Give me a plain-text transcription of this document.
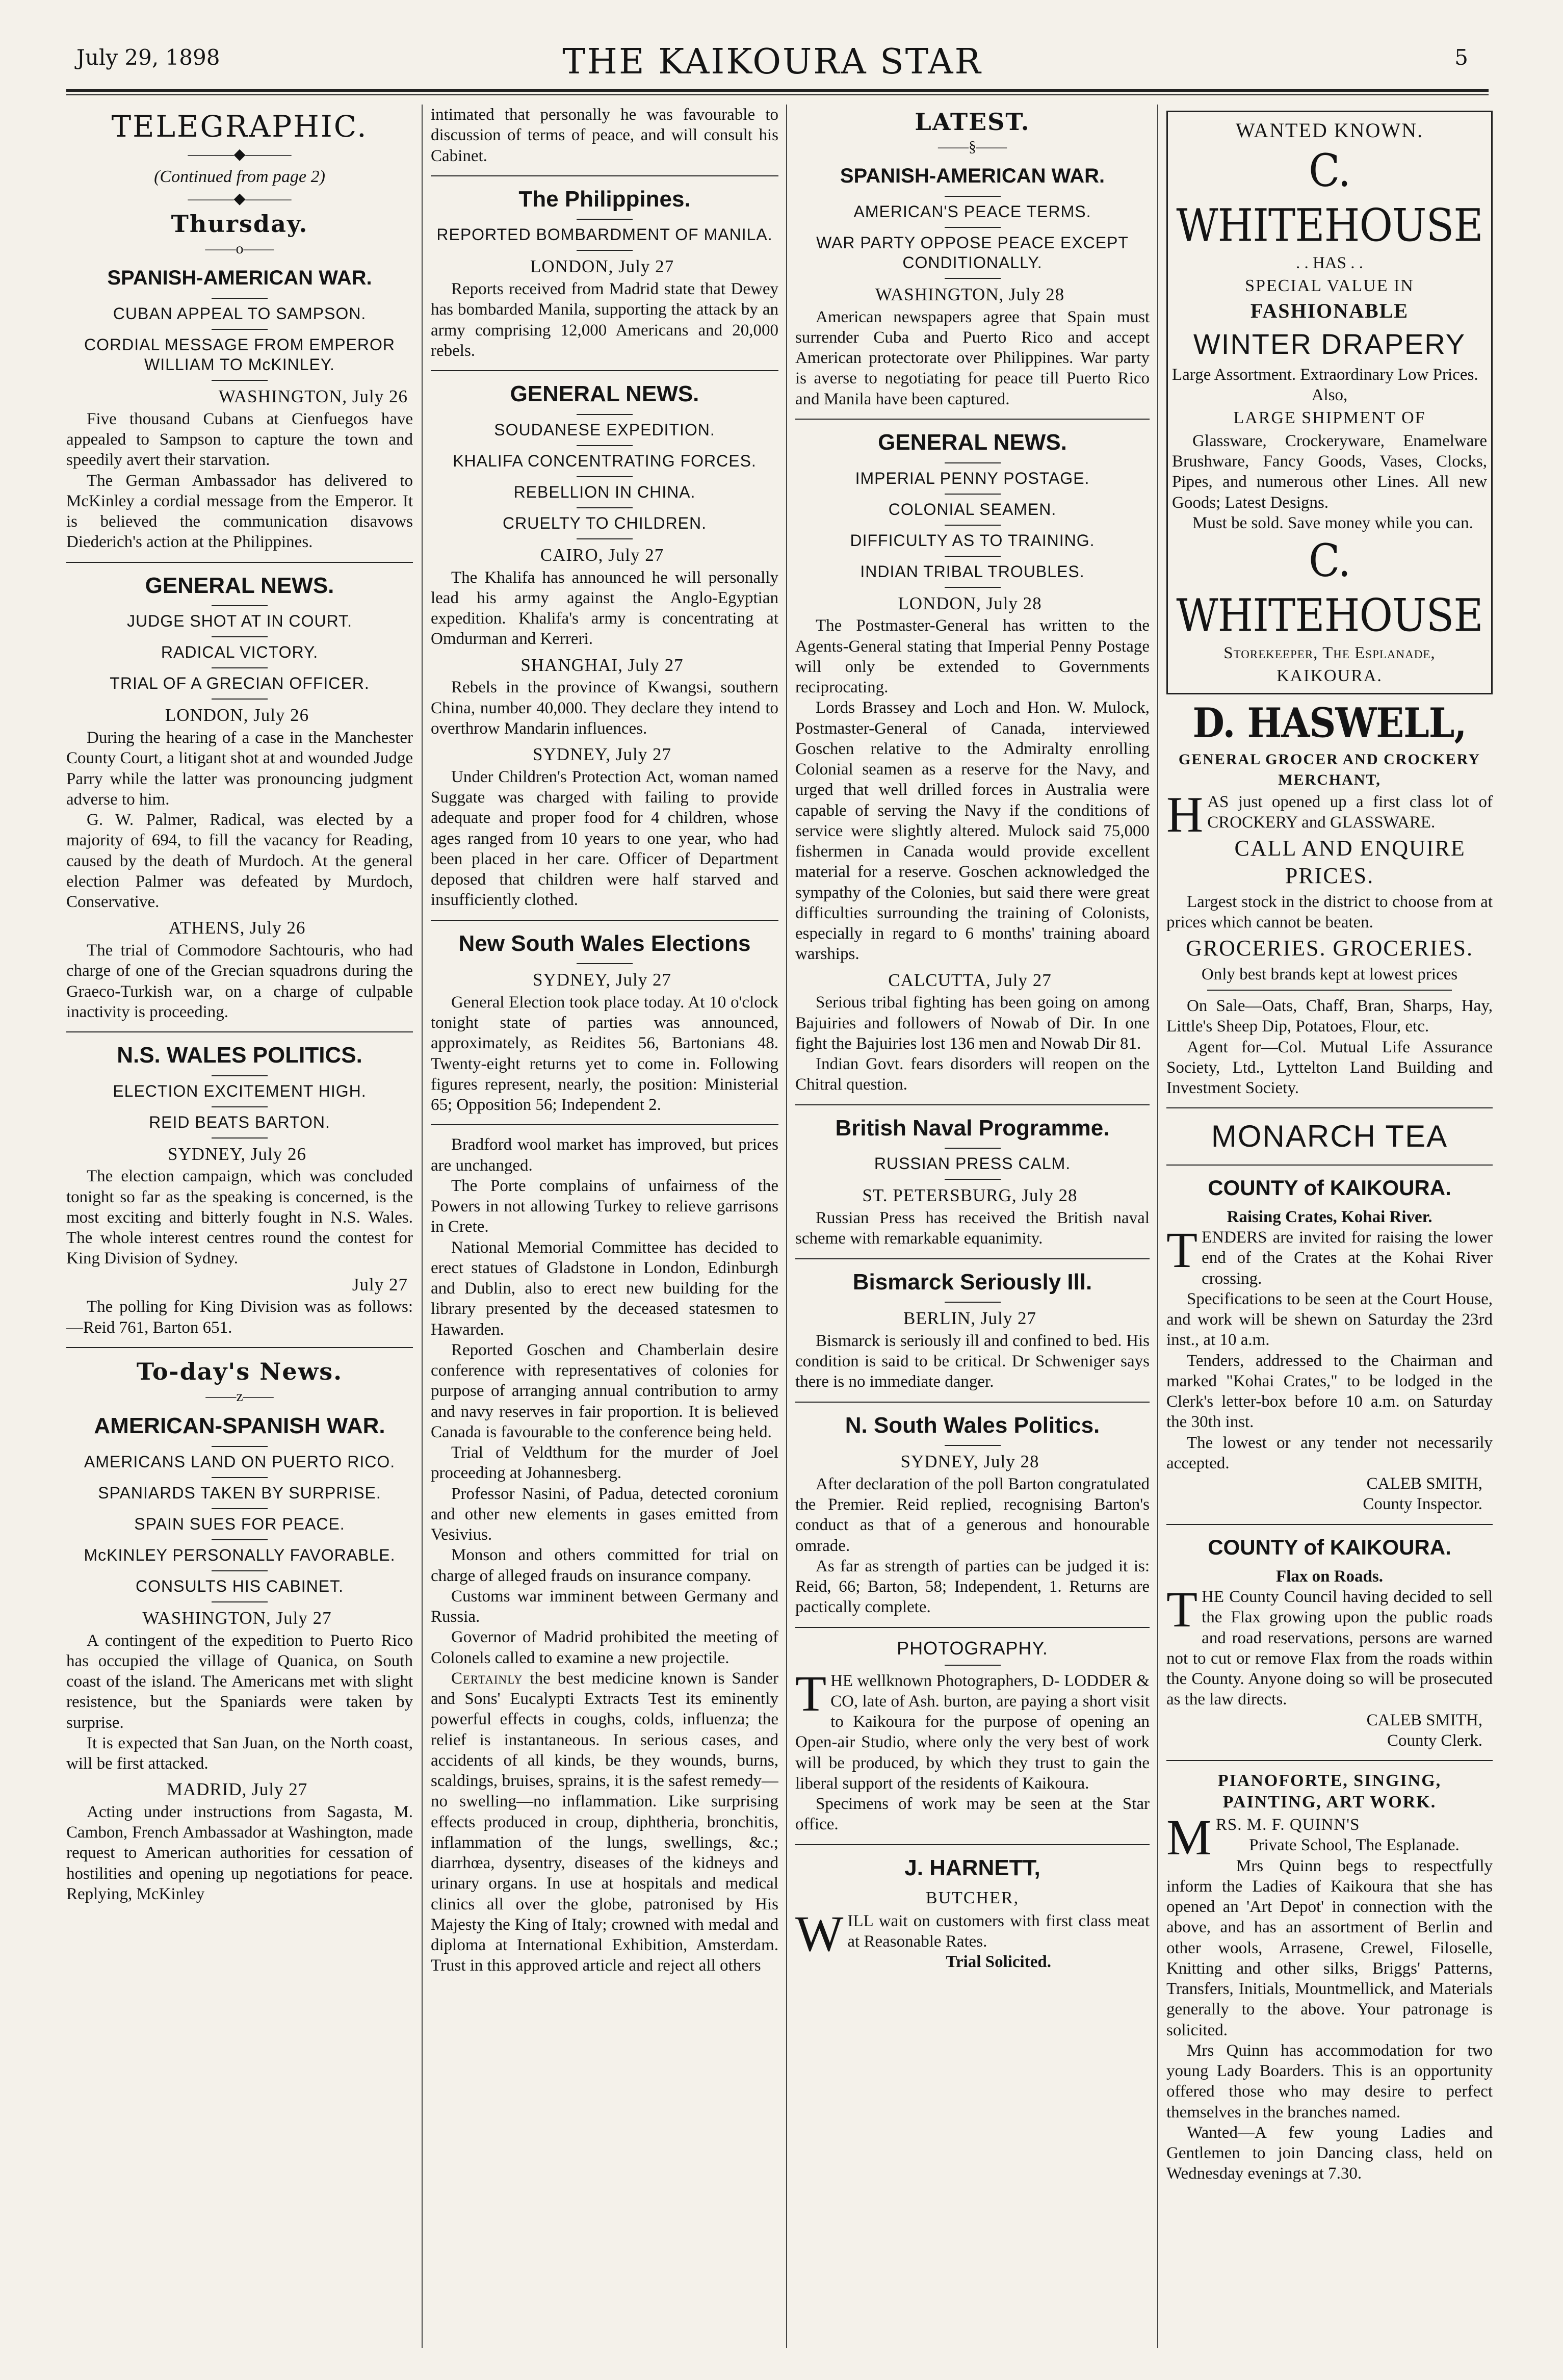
July 29, 1898	THE KAIKOURA STAR	5
TELEGRAPHIC.
———◆———
(Continued from page 2)
———◆———
Thursday.
——o——
SPANISH-AMERICAN WAR.
CUBAN APPEAL TO SAMPSON.
CORDIAL MESSAGE FROM EMPEROR WILLIAM TO McKINLEY.
WASHINGTON, July 26

Five thousand Cubans at Cienfuegos have appealed to Sampson to capture the town and speedily avert their starvation.

The German Ambassador has delivered to McKinley a cordial message from the Emperor. It is believed the communication disavows Diederich's action at the Philippines.

GENERAL NEWS.
JUDGE SHOT AT IN COURT.
RADICAL VICTORY.
TRIAL OF A GRECIAN OFFICER.
LONDON, July 26

During the hearing of a case in the Manchester County Court, a litigant shot at and wounded Judge Parry while the latter was pronouncing judgment adverse to him.

G. W. Palmer, Radical, was elected by a majority of 694, to fill the vacancy for Reading, caused by the death of Murdoch. At the general election Palmer was defeated by Murdoch, Conservative.

ATHENS, July 26

The trial of Commodore Sachtouris, who had charge of one of the Grecian squadrons during the Graeco-Turkish war, on a charge of culpable inactivity is proceeding.

N.S. WALES POLITICS.
ELECTION EXCITEMENT HIGH.
REID BEATS BARTON.
SYDNEY, July 26

The election campaign, which was concluded tonight so far as the speaking is concerned, is the most exciting and bitterly fought in N.S. Wales. The whole interest centres round the contest for King Division of Sydney.

July 27

The polling for King Division was as follows:—Reid 761, Barton 651.

To-day's News.
——z——
AMERICAN-SPANISH WAR.
AMERICANS LAND ON PUERTO RICO.
SPANIARDS TAKEN BY SURPRISE.
SPAIN SUES FOR PEACE.
McKINLEY PERSONALLY FAVORABLE.
CONSULTS HIS CABINET.
WASHINGTON, July 27

A contingent of the expedition to Puerto Rico has occupied the village of Quanica, on South coast of the island. The Americans met with slight resistence, but the Spaniards were taken by surprise.

It is expected that San Juan, on the North coast, will be first attacked.

MADRID, July 27

Acting under instructions from Sagasta, M. Cambon, French Ambassador at Washington, made request to American authorities for cessation of hostilities and opening up negotiations for peace. Replying, McKinley

intimated that personally he was favourable to discussion of terms of peace, and will consult his Cabinet.

The Philippines.
REPORTED BOMBARDMENT OF MANILA.
LONDON, July 27

Reports received from Madrid state that Dewey has bombarded Manila, supporting the attack by an army comprising 12,000 Americans and 20,000 rebels.

GENERAL NEWS.
SOUDANESE EXPEDITION.
KHALIFA CONCENTRATING FORCES.
REBELLION IN CHINA.
CRUELTY TO CHILDREN.
CAIRO, July 27

The Khalifa has announced he will personally lead his army against the Anglo-Egyptian expedition. Khalifa's army is concentrating at Omdurman and Kerreri.

SHANGHAI, July 27

Rebels in the province of Kwangsi, southern China, number 40,000. They declare they intend to overthrow Mandarin influences.

SYDNEY, July 27

Under Children's Protection Act, woman named Suggate was charged with failing to provide adequate and proper food for 4 children, whose ages ranged from 10 years to one year, who had been placed in her care. Officer of Department deposed that children were half starved and insufficiently clothed.

New South Wales Elections
SYDNEY, July 27

General Election took place today. At 10 o'clock tonight state of parties was announced, approximately, as Reidites 56, Bartonians 48. Twenty-eight returns yet to come in. Following figures represent, nearly, the position: Ministerial 65; Opposition 56; Independent 2.

Bradford wool market has improved, but prices are unchanged.

The Porte complains of unfairness of the Powers in not allowing Turkey to relieve garrisons in Crete.

National Memorial Committee has decided to erect statues of Gladstone in London, Edinburgh and Dublin, also to erect new building for the library presented by the deceased statesmen to Hawarden.

Reported Goschen and Chamberlain desire conference with representatives of colonies for purpose of arranging annual contribution to army and navy reserves in fair proportion. It is believed Canada is favourable to the conference being held.

Trial of Veldthum for the murder of Joel proceeding at Johannesberg.

Professor Nasini, of Padua, detected coronium and other new elements in gases emitted from Vesivius.

Monson and others committed for trial on charge of alleged frauds on insurance company.

Customs war imminent between Germany and Russia.

Governor of Madrid prohibited the meeting of Colonels called to examine a new projectile.

Certainly the best medicine known is Sander and Sons' Eucalypti Extracts Test its eminently powerful effects in coughs, colds, influenza; the relief is instantaneous. In serious cases, and accidents of all kinds, be they wounds, burns, scaldings, bruises, sprains, it is the safest remedy—no swelling—no inflammation. Like surprising effects produced in croup, diphtheria, bronchitis, inflammation of the lungs, swellings, &c.; diarrhœa, dysentry, diseases of the kidneys and urinary organs. In use at hospitals and medical clinics all over the globe, patronised by His Majesty the King of Italy; crowned with medal and diploma at International Exhibition, Amsterdam. Trust in this approved article and reject all others

LATEST.
——§——
SPANISH-AMERICAN WAR.
AMERICAN'S PEACE TERMS.
WAR PARTY OPPOSE PEACE EXCEPT CONDITIONALLY.
WASHINGTON, July 28

American newspapers agree that Spain must surrender Cuba and Puerto Rico and accept American protectorate over Philippines. War party is averse to negotiating for peace till Puerto Rico and Manila have been captured.

GENERAL NEWS.
IMPERIAL PENNY POSTAGE.
COLONIAL SEAMEN.
DIFFICULTY AS TO TRAINING.
INDIAN TRIBAL TROUBLES.
LONDON, July 28

The Postmaster-General has written to the Agents-General stating that Imperial Penny Postage will only be extended to Governments reciprocating.

Lords Brassey and Loch and Hon. W. Mulock, Postmaster-General of Canada, interviewed Goschen relative to the Admiralty enrolling Colonial seamen as a reserve for the Navy, and urged that well drilled forces in Australia were capable of serving the Navy if the conditions of service were slightly altered. Mulock said 75,000 fishermen in Canada would provide excellent material for a reserve. Goschen acknowledged the sympathy of the Colonies, but said there were great difficulties surrounding the training of Colonists, especially in regard to 6 months' training aboard warships.

CALCUTTA, July 27

Serious tribal fighting has been going on among Bajuiries and followers of Nowab of Dir. In one fight the Bajuiries lost 136 men and Nowab Dir 81.

Indian Govt. fears disorders will reopen on the Chitral question.

British Naval Programme.
RUSSIAN PRESS CALM.
ST. PETERSBURG, July 28

Russian Press has received the British naval scheme with remarkable equanimity.

Bismarck Seriously Ill.
BERLIN, July 27

Bismarck is seriously ill and confined to bed. His condition is said to be critical. Dr Schweniger says there is no immediate danger.

N. South Wales Politics.
SYDNEY, July 28

After declaration of the poll Barton congratulated the Premier. Reid replied, recognising Barton's conduct as that of a generous and honourable omrade.

As far as strength of parties can be judged it is: Reid, 66; Barton, 58; Independent, 1. Returns are pactically complete.

PHOTOGRAPHY.

THE wellknown Photographers, D- LODDER & CO, late of Ash. burton, are paying a short visit to Kaikoura for the purpose of opening an Open-air Studio, where only the very best of work will be produced, by which they trust to gain the liberal support of the residents of Kaikoura.

Specimens of work may be seen at the Star office.

J. HARNETT,
BUTCHER,

WILL wait on customers with first class meat at Reasonable Rates.

Trial Solicited.

WANTED KNOWN.
C. WHITEHOUSE
. . HAS . .
SPECIAL VALUE IN
FASHIONABLE
WINTER DRAPERY

Large Assortment. Extraordinary Low Prices.

Also,
LARGE SHIPMENT OF

Glassware, Crockeryware, Enamelware Brushware, Fancy Goods, Vases, Clocks, Pipes, and numerous other Lines. All new Goods; Latest Designs.

Must be sold. Save money while you can.

C. WHITEHOUSE
Storekeeper, The Esplanade,
KAIKOURA.
D. HASWELL,
GENERAL GROCER AND CROCKERY
MERCHANT,

HAS just opened up a first class lot of CROCKERY and GLASSWARE.

CALL AND ENQUIRE PRICES.

Largest stock in the district to choose from at prices which cannot be beaten.

GROCERIES. GROCERIES.

Only best brands kept at lowest prices

On Sale—Oats, Chaff, Bran, Sharps, Hay, Little's Sheep Dip, Potatoes, Flour, etc.

Agent for—Col. Mutual Life Assurance Society, Ltd., Lyttelton Land Building and Investment Society.

MONARCH TEA
COUNTY of KAIKOURA.
Raising Crates, Kohai River.

TENDERS are invited for raising the lower end of the Crates at the Kohai River crossing.

Specifications to be seen at the Court House, and work will be shewn on Saturday the 23rd inst., at 10 a.m.

Tenders, addressed to the Chairman and marked "Kohai Crates," to be lodged in the Clerk's letter-box before 10 a.m. on Saturday the 30th inst.

The lowest or any tender not necessarily accepted.

CALEB SMITH,

County Inspector.

COUNTY of KAIKOURA.
Flax on Roads.

THE County Council having decided to sell the Flax growing upon the public roads and road reservations, persons are warned not to cut or remove Flax from the roads within the County. Anyone doing so will be prosecuted as the law directs.

CALEB SMITH,

County Clerk.

PIANOFORTE, SINGING, PAINTING, ART WORK.

MRS. M. F. QUINN'S

Private School, The Esplanade.

Mrs Quinn begs to respectfully inform the Ladies of Kaikoura that she has opened an 'Art Depot' in connection with the above, and has an assortment of Berlin and other wools, Arrasene, Crewel, Filoselle, Knitting and other silks, Briggs' Patterns, Transfers, Initials, Mountmellick, and Materials generally to the above. Your patronage is solicited.

Mrs Quinn has accommodation for two young Lady Boarders. This is an opportunity offered those who may desire to perfect themselves in the branches named.

Wanted—A few young Ladies and Gentlemen to join Dancing class, held on Wednesday evenings at 7.30.
